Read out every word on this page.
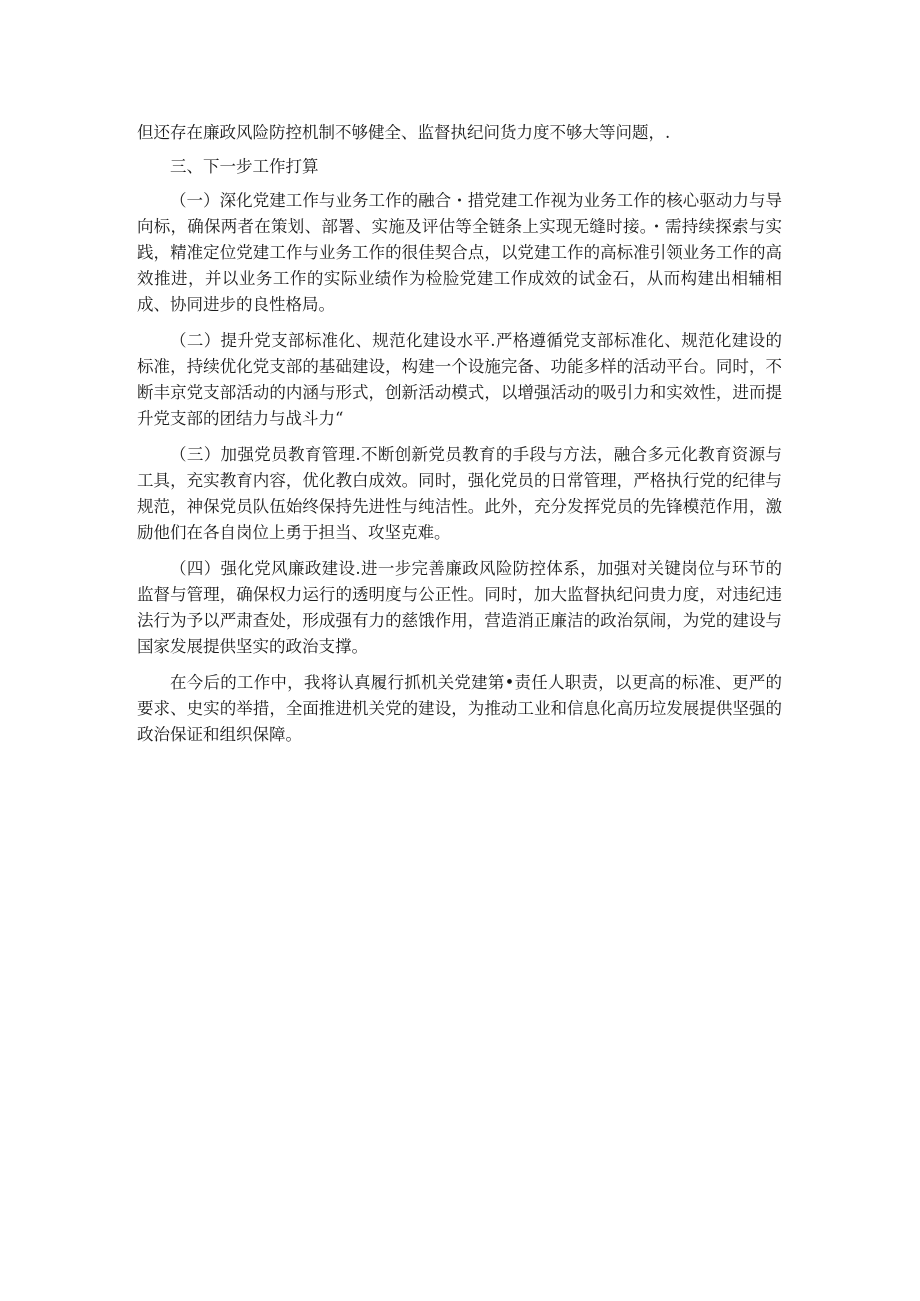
但还存在廉政风险防控机制不够健全、监督执纪问货力度不够大等问题，.

三、下一步工作打算

（一）深化党建工作与业务工作的融合・措党建工作视为业务工作的核心驱动力与导向标，确保两者在策划、部署、实施及评估等全链条上实现无缝时接。・需持续探索与实践，精准定位党建工作与业务工作的很佳契合点，以党建工作的高标准引领业务工作的高效推进，并以业务工作的实际业绩作为检脸党建工作成效的试金石，从而构建出相辅相成、协同进步的良性格局。

（二）提升党支部标准化、规范化建设水平.严格遵循党支部标准化、规范化建设的标准，持续优化党支部的基础建设，构建一个设施完备、功能多样的活动平台。同时，不断丰京党支部活动的内涵与形式，创新活动模式，以增强活动的吸引力和实效性，进而提升党支部的团结力与战斗力“

（三）加强党员教育管理.不断创新党员教育的手段与方法，融合多元化教育资源与工具，充实教育内容，优化教白成效。同时，强化党员的日常管理，严格执行党的纪律与规范，神保党员队伍始终保持先进性与纯洁性。此外，充分发挥党员的先锋模范作用，激励他们在各自岗位上勇于担当、攻坚克难。

（四）强化党风廉政建设.进一步完善廉政风险防控体系，加强对关键岗位与环节的监督与管理，确保权力运行的透明度与公正性。同时，加大监督执纪问贵力度，对违纪违法行为予以严肃查处，形成强有力的慈饿作用，营造消正廉洁的政治氛闹，为党的建设与国家发展提供坚实的政治支撑。

在今后的工作中，我将认真履行抓机关党建第•责任人职责，以更高的标准、更严的要求、史实的举措，全面推进机关党的建设，为推动工业和信息化高历垃发展提供坚强的政治保证和组织保障。
